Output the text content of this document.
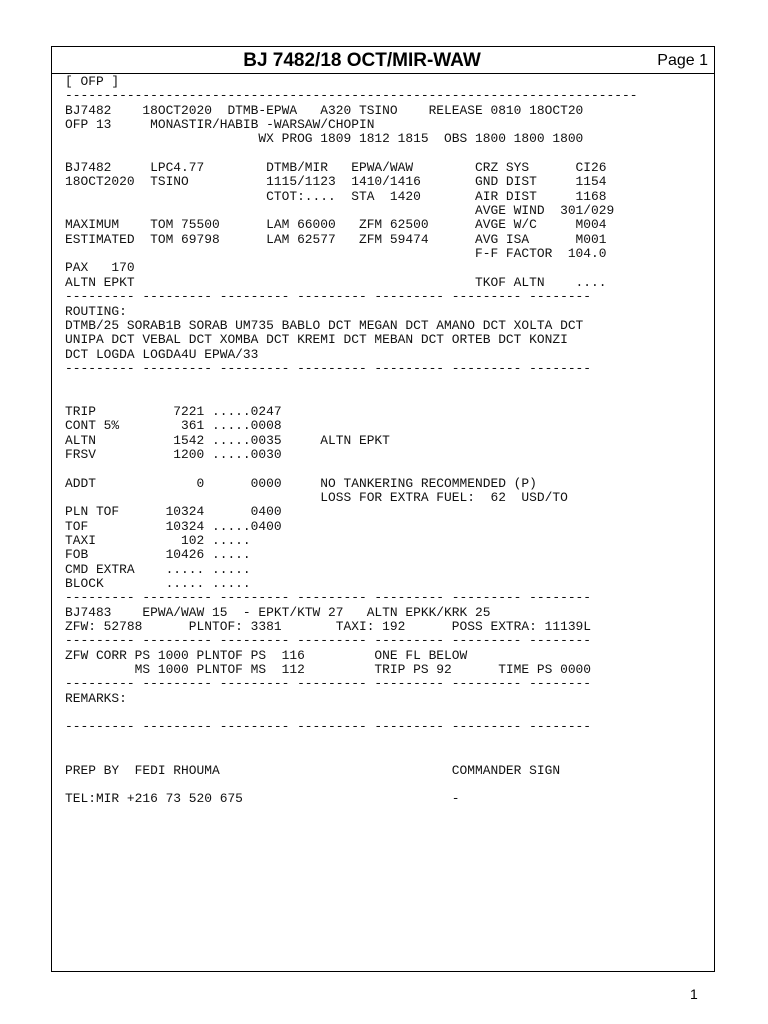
BJ 7482/18 OCT/MIR-WAW	Page 1
[ OFP ]
--------------------------------------------------------------------------
BJ7482    18OCT2020  DTMB-EPWA   A320 TSINO    RELEASE 0810 18OCT20
OFP 13     MONASTIR/HABIB -WARSAW/CHOPIN
WX PROG 1809 1812 1815  OBS 1800 1800 1800

BJ7482     LPC4.77        DTMB/MIR   EPWA/WAW        CRZ SYS      CI26
18OCT2020  TSINO          1115/1123  1410/1416       GND DIST     1154
CTOT:....  STA  1420       AIR DIST     1168
AVGE WIND  301/029
MAXIMUM    TOM 75500      LAM 66000   ZFM 62500      AVGE W/C     M004
ESTIMATED  TOM 69798      LAM 62577   ZFM 59474      AVG ISA      M001
F-F FACTOR  104.0
PAX   170
ALTN EPKT                                            TKOF ALTN    ....
--------- --------- --------- --------- --------- --------- --------
ROUTING:
DTMB/25 SORAB1B SORAB UM735 BABLO DCT MEGAN DCT AMANO DCT XOLTA DCT
UNIPA DCT VEBAL DCT XOMBA DCT KREMI DCT MEBAN DCT ORTEB DCT KONZI
DCT LOGDA LOGDA4U EPWA/33
--------- --------- --------- --------- --------- --------- --------

TRIP          7221 .....0247
CONT 5%        361 .....0008
ALTN          1542 .....0035     ALTN EPKT
FRSV          1200 .....0030

ADDT             0      0000     NO TANKERING RECOMMENDED (P)
LOSS FOR EXTRA FUEL:  62  USD/TO
PLN TOF      10324      0400
TOF          10324 .....0400
TAXI           102 .....
FOB          10426 .....
CMD EXTRA    ..... .....
BLOCK        ..... .....
--------- --------- --------- --------- --------- --------- --------
BJ7483    EPWA/WAW 15  - EPKT/KTW 27   ALTN EPKK/KRK 25
ZFW: 52788      PLNTOF: 3381       TAXI: 192      POSS EXTRA: 11139L
--------- --------- --------- --------- --------- --------- --------
ZFW CORR PS 1000 PLNTOF PS  116         ONE FL BELOW
MS 1000 PLNTOF MS  112         TRIP PS 92      TIME PS 0000
--------- --------- --------- --------- --------- --------- --------
REMARKS:

--------- --------- --------- --------- --------- --------- --------

PREP BY  FEDI RHOUMA                              COMMANDER SIGN

TEL:MIR +216 73 520 675                           -
1
